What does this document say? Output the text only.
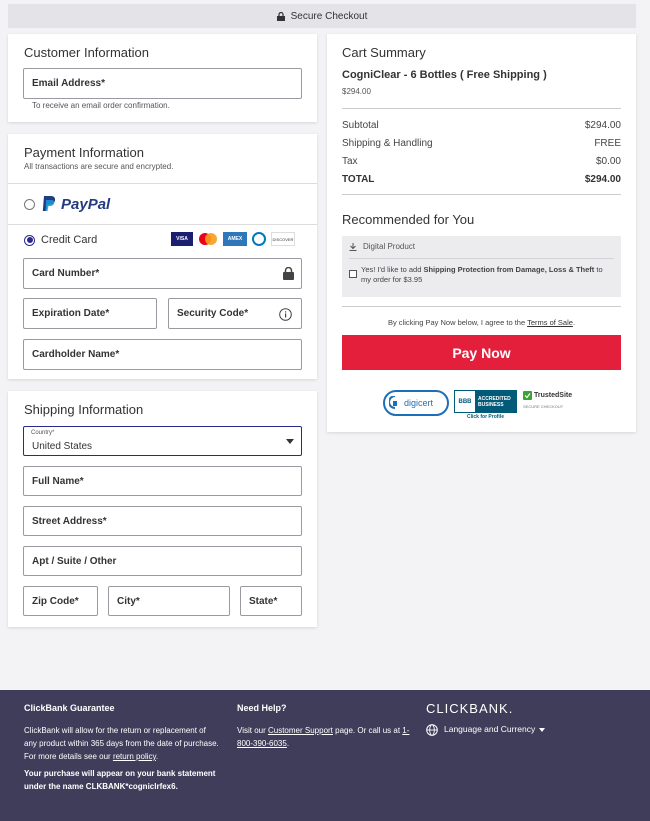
Secure Checkout
Customer Information
Email Address*
To receive an email order confirmation.
Payment Information
All transactions are secure and encrypted.
PayPal
Credit Card	VISA	AMEX	DISCOVER
Card Number*
Expiration Date*	Security Code*
Cardholder Name*
Shipping Information
Country*
United States
Full Name*
Street Address*
Apt / Suite / Other
Zip Code*	City*	State*
Cart Summary
CogniClear - 6 Bottles ( Free Shipping )
$294.00
Subtotal	$294.00
Shipping & Handling	FREE
Tax	$0.00
TOTAL	$294.00
Recommended for You
Digital Product
Yes! I'd like to add Shipping Protection from Damage, Loss & Theft to my order for $3.95
By clicking Pay Now below, I agree to the Terms of Sale.
Pay Now
digicert	BBB	ACCREDITED
BUSINESS
Click for Profile
TrustedSite
SECURE CHECKOUT
ClickBank Guarantee
ClickBank will allow for the return or replacement of any product within 365 days from the date of purchase. For more details see our return policy.
Your purchase will appear on your bank statement under the name CLKBANK*cogniclrfex6.
Need Help?
Visit our Customer Support page. Or call us at 1-800-390-6035.
CLICKBANK.
Language and Currency
